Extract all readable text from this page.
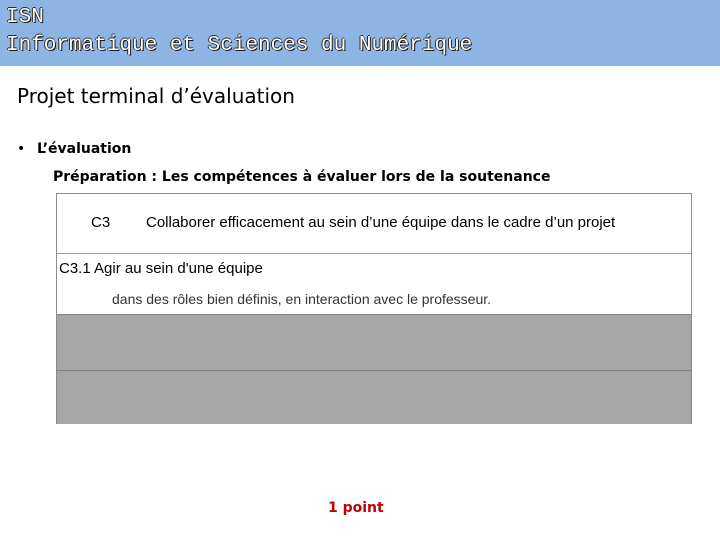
ISN
Informatique et Sciences du Numérique
Projet terminal d’évaluation
• L’évaluation
Préparation : Les compétences à évaluer lors de la soutenance
C3 Collaborer efficacement au sein d’une équipe dans le cadre d’un projet
C3.1 Agir au sein d'une équipe
dans des rôles bien définis, en interaction avec le professeur.
1 point
